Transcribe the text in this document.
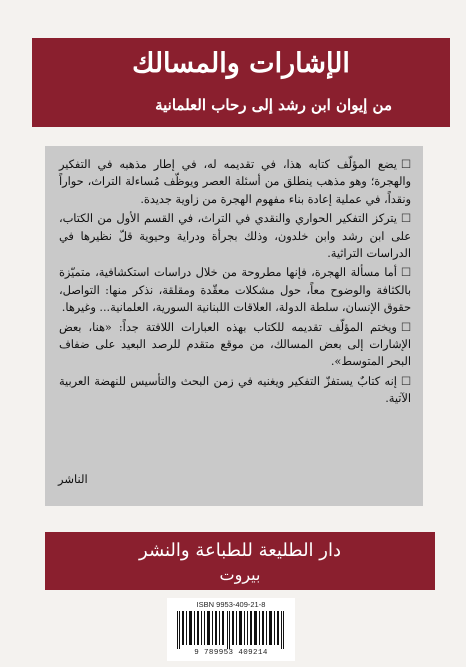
الإشارات والمسالك
من إيوان ابن رشد إلى رحاب العلمانية

☐يضع المؤلّف كتابه هذا، في تقديمه له، في إطار مذهبه في التفكير والهجرة؛ وهو مذهب ينطلق من أسئلة العصر ويوظّف مُساءلة التراث، حواراً ونقداً، في عملية إعادة بناء مفهوم الهجرة من زاوية جديدة.

☐يتركز التفكير الحواري والنقدي في التراث، في القسم الأول من الكتاب، على ابن رشد وابن خلدون، وذلك بجرأة ودراية وحيوية قلّ نظيرها في الدراسات التراثية.

☐أما مسألة الهجرة، فإنها مطروحة من خلال دراسات استكشافية، متميّزة بالكثافة والوضوح معاً، حول مشكلات معقّدة ومقلقة، نذكر منها: التواصل، حقوق الإنسان، سلطة الدولة، العلاقات اللبنانية السورية، العلمانية... وغيرها.

☐ويختم المؤلّف تقديمه للكتاب بهذه العبارات اللافتة جداً: «هنا، بعض الإشارات إلى بعض المسالك، من موقع متقدم للرصد البعيد على ضفاف البحر المتوسط».

☐إنه كتابٌ يستفزّ التفكير ويغنيه في زمن البحث والتأسيس للنهضة العربية الآتية.

الناشر
دار الطليعة للطباعة والنشر
بيروت
ISBN 9953-409-21-8
9 789953 409214
